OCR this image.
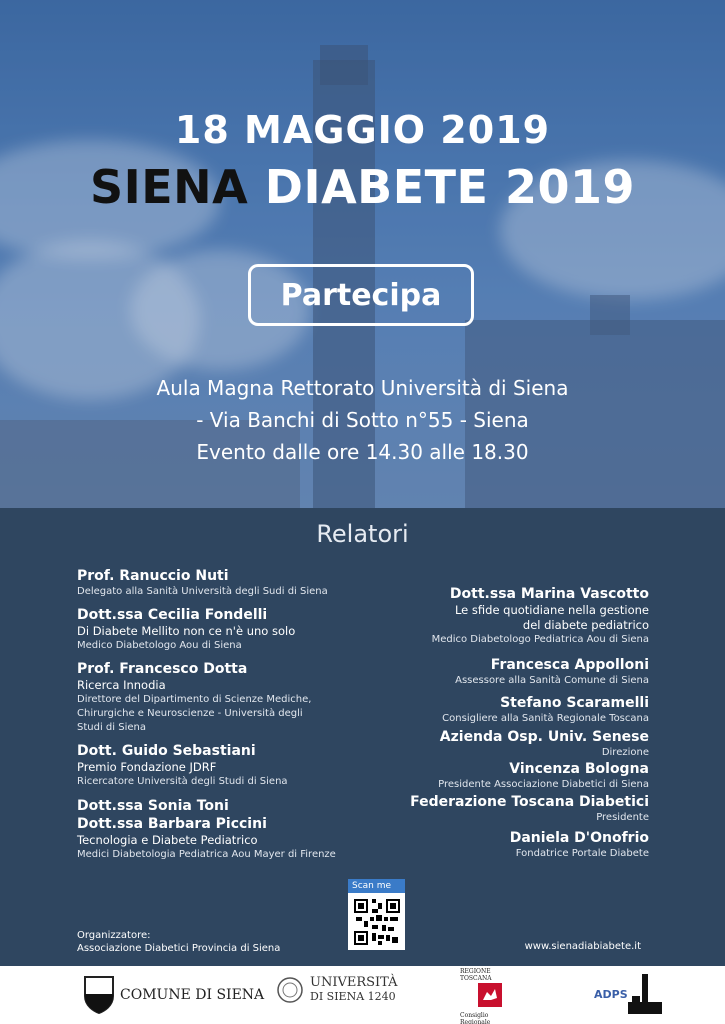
18 MAGGIO 2019
SIENA DIABETE 2019
Partecipa
Aula Magna Rettorato Università di Siena
- Via Banchi di Sotto n°55 - Siena
Evento dalle ore 14.30 alle 18.30
Relatori
Prof. Ranuccio Nuti
Delegato alla Sanità Università degli Sudi di Siena
Dott.ssa Cecilia Fondelli
Di Diabete Mellito non ce n'è uno solo
Medico Diabetologo Aou di Siena
Prof. Francesco Dotta
Ricerca Innodia
Direttore del Dipartimento di Scienze Mediche,
Chirurgiche e Neuroscienze - Università degli
Studi di Siena
Dott. Guido Sebastiani
Premio Fondazione JDRF
Ricercatore Università degli Studi di Siena
Dott.ssa Sonia Toni
Dott.ssa Barbara Piccini
Tecnologia e Diabete Pediatrico
Medici Diabetologia Pediatrica Aou Mayer di Firenze
Dott.ssa Marina Vascotto
Le sfide quotidiane nella gestione
del diabete pediatrico
Medico Diabetologo Pediatrica Aou di Siena
Francesca Appolloni
Assessore alla Sanità Comune di Siena
Stefano Scaramelli
Consigliere alla Sanità Regionale Toscana
Azienda Osp. Univ. Senese
Direzione
Vincenza Bologna
Presidente Associazione Diabetici di Siena
Federazione Toscana Diabetici
Presidente
Daniela D'Onofrio
Fondatrice Portale Diabete
Scan me
Organizzatore:
Associazione Diabetici Provincia di Siena	www.sienadiabiabete.it
COMUNE DI SIENA
UNIVERSITÀ
DI SIENA 1240
REGIONE TOSCANA
Consiglio Regionale
ADPS
